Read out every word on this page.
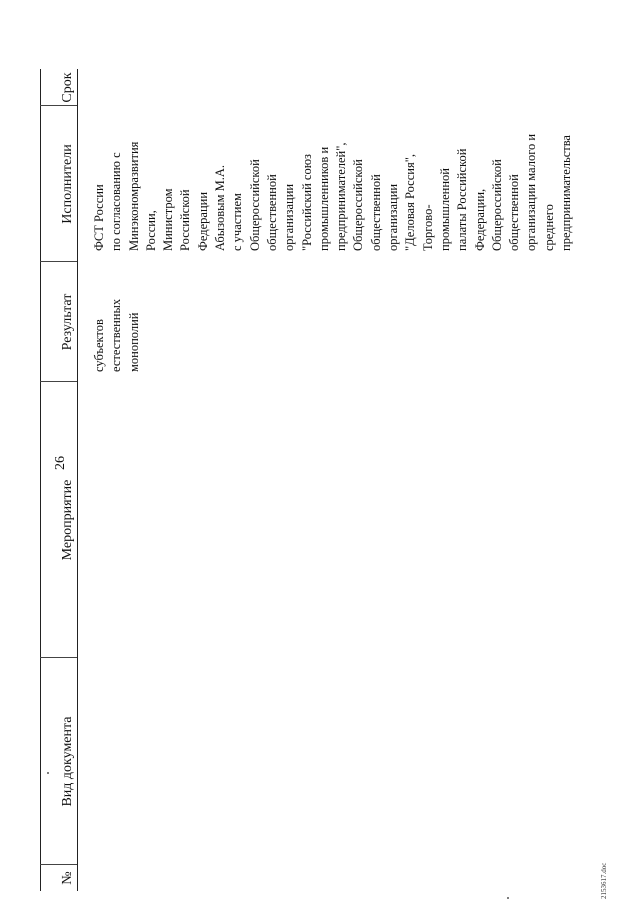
№
Вид документа
Мероприятие
Результат
Исполнители
Срок
26
субъектов естественных монополий
ФСТ России по согласованию с Минэкономразвития России, Министром Российской Федерации Абызовым М.А. с участием Общероссийской общественной организации "Российский союз промышленников и предпринимателей", Общероссийской общественной организации "Деловая Россия", Торгово- промышленной палаты Российской Федерации, Общероссийской общественной организации малого и среднего предпринимательства
2153617.doc
